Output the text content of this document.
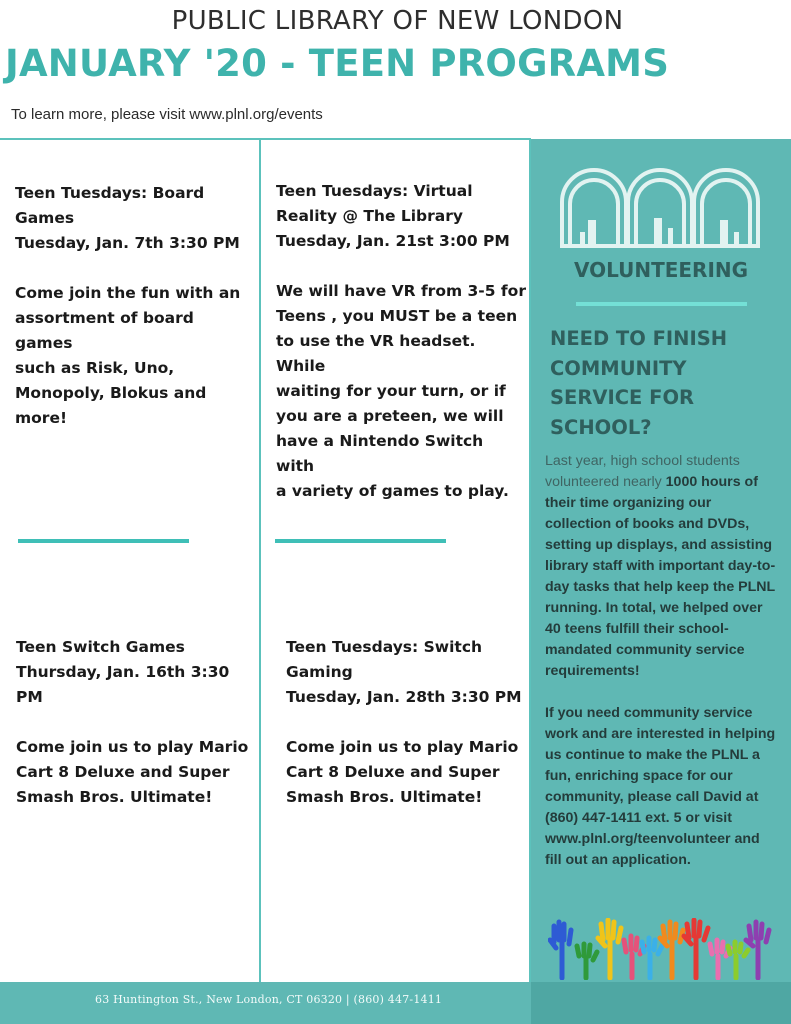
PUBLIC LIBRARY OF NEW LONDON
JANUARY '20 - TEEN PROGRAMS
To learn more, please visit www.plnl.org/events
Teen Tuesdays: Board
Games
Tuesday, Jan. 7th 3:30 PM
Come join the fun with an
assortment of board games
such as Risk, Uno,
Monopoly, Blokus and
more!
Teen Tuesdays: Virtual
Reality @ The Library
Tuesday, Jan. 21st 3:00 PM
We will have VR from 3-5 for
Teens , you MUST be a teen
to use the VR headset. While
waiting for your turn, or if
you are a preteen, we will
have a Nintendo Switch with
a variety of games to play.
Teen Switch Games
Thursday, Jan. 16th 3:30 PM
Come join us to play Mario
Cart 8 Deluxe and Super
Smash Bros. Ultimate!
Teen Tuesdays: Switch
Gaming
Tuesday, Jan. 28th 3:30 PM
Come join us to play Mario
Cart 8 Deluxe and Super
Smash Bros. Ultimate!
VOLUNTEERING
NEED TO FINISH
COMMUNITY
SERVICE FOR
SCHOOL?
Last year, high school students volunteered nearly 1000 hours of their time organizing our collection of books and DVDs, setting up displays, and assisting library staff with important day-to-day tasks that help keep the PLNL running. In total, we helped over 40 teens fulfill their school-mandated community service requirements!
If you need community service work and are interested in helping us continue to make the PLNL a fun, enriching space for our community, please call David at (860) 447-1411 ext. 5 or visit www.plnl.org/teenvolunteer and fill out an application.
63 Huntington St., New London, CT 06320 | (860) 447-1411
